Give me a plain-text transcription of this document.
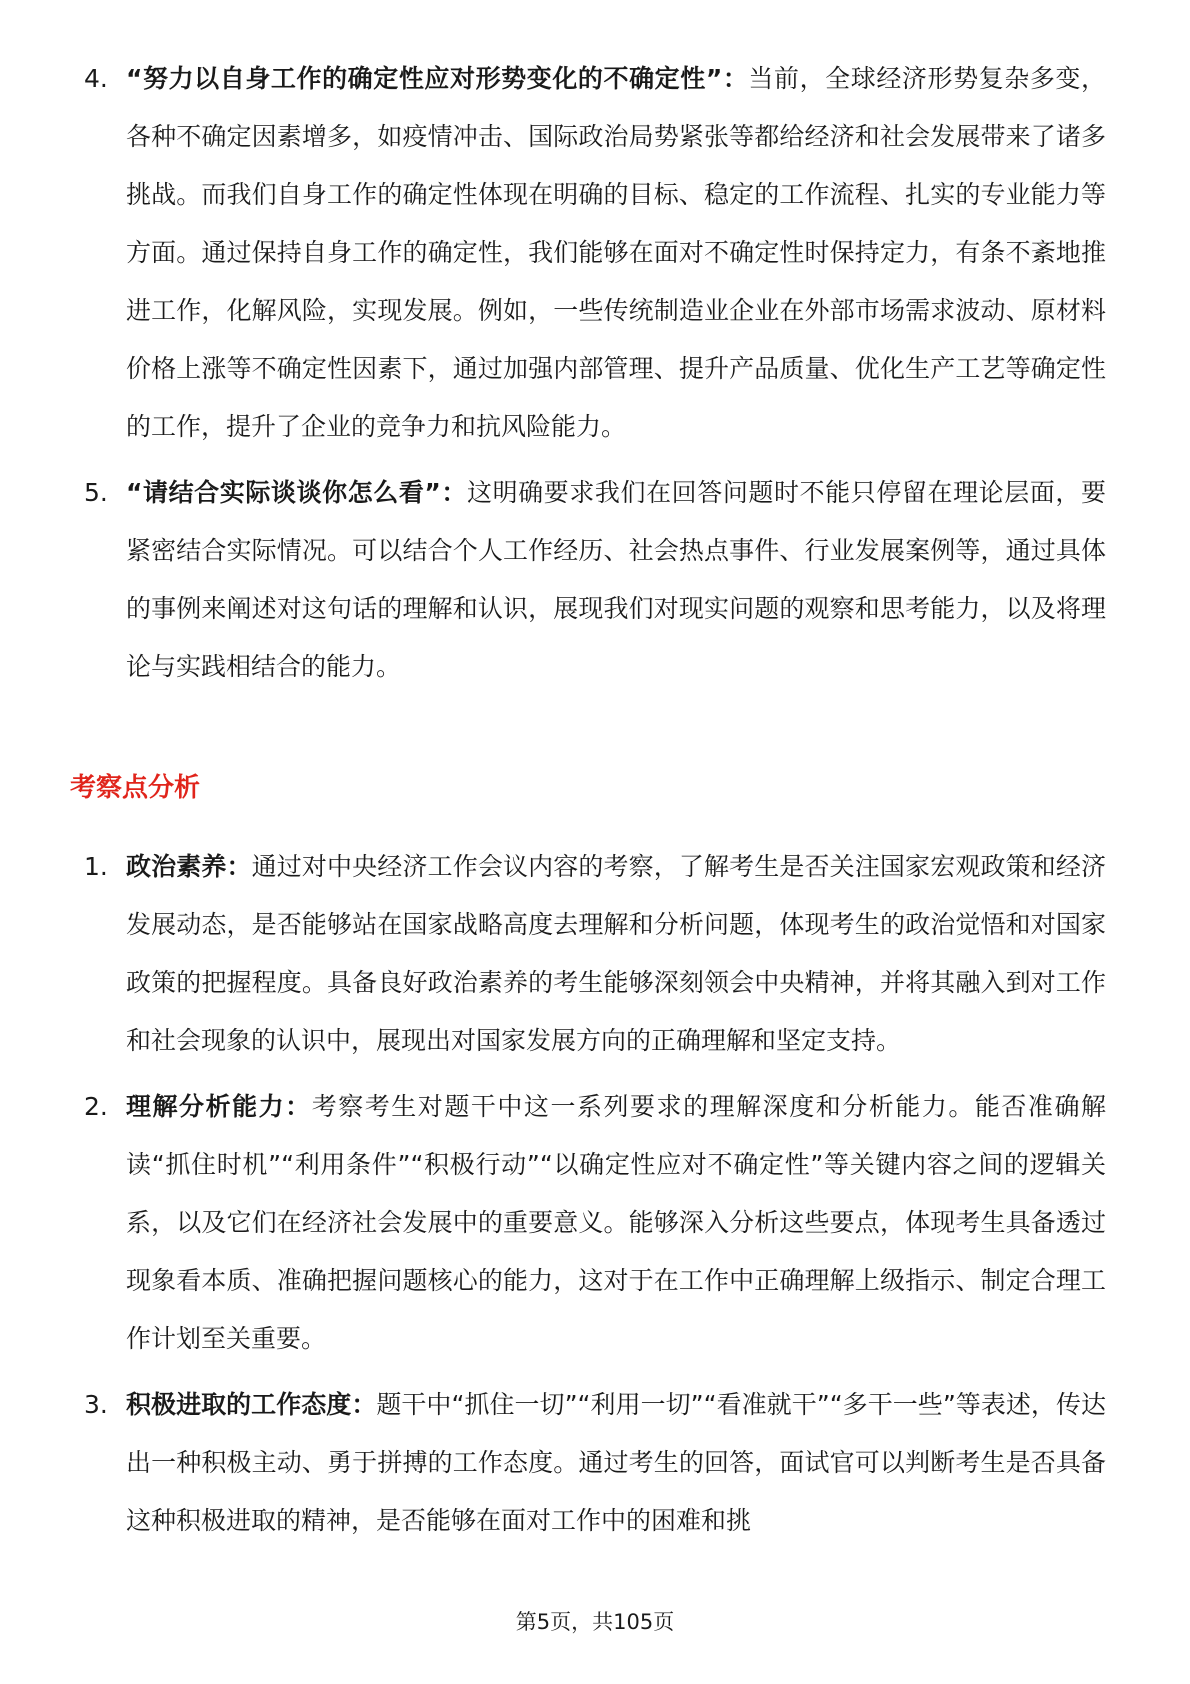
4. “努力以自身工作的确定性应对形势变化的不确定性”：当前，全球经济形势复杂多变，各种不确定因素增多，如疫情冲击、国际政治局势紧张等都给经济和社会发展带来了诸多挑战。而我们自身工作的确定性体现在明确的目标、稳定的工作流程、扎实的专业能力等方面。通过保持自身工作的确定性，我们能够在面对不确定性时保持定力，有条不紊地推进工作，化解风险，实现发展。例如，一些传统制造业企业在外部市场需求波动、原材料价格上涨等不确定性因素下，通过加强内部管理、提升产品质量、优化生产工艺等确定性的工作，提升了企业的竞争力和抗风险能力。
5. “请结合实际谈谈你怎么看”：这明确要求我们在回答问题时不能只停留在理论层面，要紧密结合实际情况。可以结合个人工作经历、社会热点事件、行业发展案例等，通过具体的事例来阐述对这句话的理解和认识，展现我们对现实问题的观察和思考能力，以及将理论与实践相结合的能力。
考察点分析
1. 政治素养：通过对中央经济工作会议内容的考察，了解考生是否关注国家宏观政策和经济发展动态，是否能够站在国家战略高度去理解和分析问题，体现考生的政治觉悟和对国家政策的把握程度。具备良好政治素养的考生能够深刻领会中央精神，并将其融入到对工作和社会现象的认识中，展现出对国家发展方向的正确理解和坚定支持。
2. 理解分析能力：考察考生对题干中这一系列要求的理解深度和分析能力。能否准确解读“抓住时机”“利用条件”“积极行动”“以确定性应对不确定性”等关键内容之间的逻辑关系，以及它们在经济社会发展中的重要意义。能够深入分析这些要点，体现考生具备透过现象看本质、准确把握问题核心的能力，这对于在工作中正确理解上级指示、制定合理工作计划至关重要。
3. 积极进取的工作态度：题干中“抓住一切”“利用一切”“看准就干”“多干一些”等表述，传达出一种积极主动、勇于拼搏的工作态度。通过考生的回答，面试官可以判断考生是否具备这种积极进取的精神，是否能够在面对工作中的困难和挑
第5页，共105页
